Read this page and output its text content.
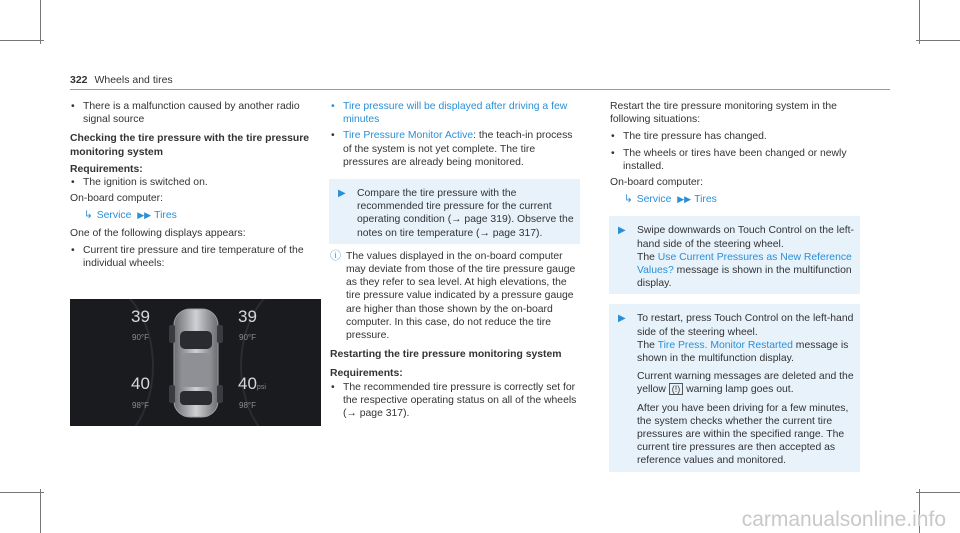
322 Wheels and tires
• There is a malfunction caused by another radio signal source
Checking the tire pressure with the tire pressure monitoring system
Requirements:
• The ignition is switched on.
On-board computer:
↳ Service ▶▶ Tires
One of the following displays appears:
• Current tire pressure and tire temperature of the individual wheels:
39
90°F
39
90°F
40
98°F
40psi
98°F
• Tire pressure will be displayed after driving a few minutes
• Tire Pressure Monitor Active: the teach-in process of the system is not yet complete. The tire pressures are already being monitored.
▶ Compare the tire pressure with the recommended tire pressure for the current operating condition (→ page 319). Observe the notes on tire temperature (→ page 317).
ⓘ The values displayed in the on-board computer may deviate from those of the tire pressure gauge as they refer to sea level. At high elevations, the tire pressure value indicated by a pressure gauge are higher than those shown by the on-board computer. In this case, do not reduce the tire pressure.
Restarting the tire pressure monitoring system
Requirements:
• The recommended tire pressure is correctly set for the respective operating status on all of the wheels (→ page 317).
Restart the tire pressure monitoring system in the following situations:
• The tire pressure has changed.
• The wheels or tires have been changed or newly installed.
On-board computer:
↳ Service ▶▶ Tires
▶ Swipe downwards on Touch Control on the left-hand side of the steering wheel.
The Use Current Pressures as New Reference Values? message is shown in the multifunction display.
▶ To restart, press Touch Control on the left-hand side of the steering wheel.
The Tire Press. Monitor Restarted message is shown in the multifunction display.
Current warning messages are deleted and the yellow (!) warning lamp goes out.
After you have been driving for a few minutes, the system checks whether the current tire pressures are within the specified range. The current tire pressures are then accepted as reference values and monitored.
carmanualsonline.info
